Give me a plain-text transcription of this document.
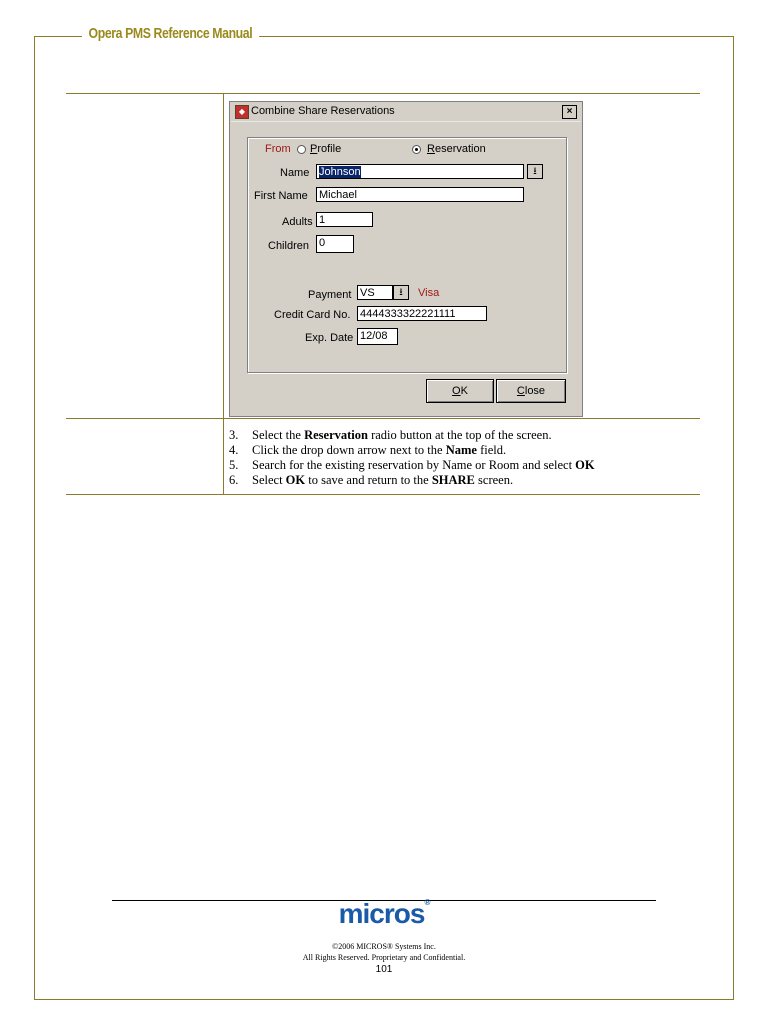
Opera PMS Reference Manual
◆ Combine Share Reservations	×
From Profile	Reservation
Name Johnson	⭳
First Name Michael
Adults 1
Children 0
Payment VS	⭳	Visa
Credit Card No. 4444333322221111
Exp. Date 12/08
OK	Close
3. Select the Reservation radio button at the top of the screen.
4. Click the drop down arrow next to the Name field.
5. Search for the existing reservation by Name or Room and select OK
6. Select OK to save and return to the SHARE screen.
micros®
©2006 MICROS® Systems Inc.
All Rights Reserved. Proprietary and Confidential.
101
